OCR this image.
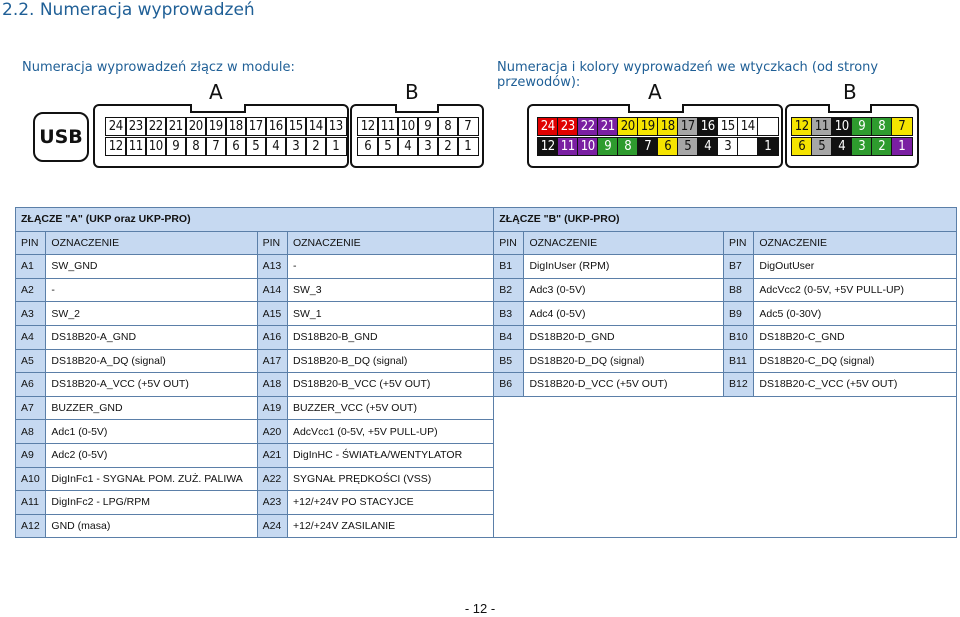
2.2. Numeracja wyprowadzeń
Numeracja wyprowadzeń złącz w module:	Numeracja i kolory wyprowadzeń we wtyczkach (od strony przewodów):
A	B
USB	24 23 22 21 20 19 18 17 16 15 14 13
12 11 10 9	8	7	6	5	4	3	2	1
12 11 10 9	8	7
6	5	4	3	2	1
A	B
24 23 22 21 20 19 18 17 16 15 14
12 11 10 9	8	7	6	5	4	3	1
12 11 10 9	8	7
6	5	4	3	2	1
ZŁĄCZE "A" (UKP oraz UKP-PRO)				ZŁĄCZE "B" (UKP-PRO)			
PIN	OZNACZENIE	PIN	OZNACZENIE	PIN	OZNACZENIE	PIN	OZNACZENIE
A1	SW_GND	A13	-	B1	DigInUser (RPM)	B7	DigOutUser
A2	-	A14	SW_3	B2	Adc3 (0-5V)	B8	AdcVcc2 (0-5V, +5V PULL-UP)
A3	SW_2	A15	SW_1	B3	Adc4 (0-5V)	B9	Adc5 (0-30V)
A4	DS18B20-A_GND	A16	DS18B20-B_GND	B4	DS18B20-D_GND	B10	DS18B20-C_GND
A5	DS18B20-A_DQ (signal)	A17	DS18B20-B_DQ (signal)	B5	DS18B20-D_DQ (signal)	B11	DS18B20-C_DQ (signal)
A6	DS18B20-A_VCC (+5V OUT)	A18	DS18B20-B_VCC (+5V OUT)	B6	DS18B20-D_VCC (+5V OUT)	B12	DS18B20-C_VCC (+5V OUT)
A7	BUZZER_GND	A19	BUZZER_VCC (+5V OUT)				
A8	Adc1 (0-5V)	A20	AdcVcc1 (0-5V, +5V PULL-UP)				
A9	Adc2 (0-5V)	A21	DigInHC - ŚWIATŁA/WENTYLATOR				
A10	DigInFc1 - SYGNAŁ POM. ZUŻ. PALIWA	A22	SYGNAŁ PRĘDKOŚCI (VSS)				
A11	DigInFc2 - LPG/RPM	A23	+12/+24V PO STACYJCE				
A12	GND (masa)	A24	+12/+24V ZASILANIE				
- 12 -
